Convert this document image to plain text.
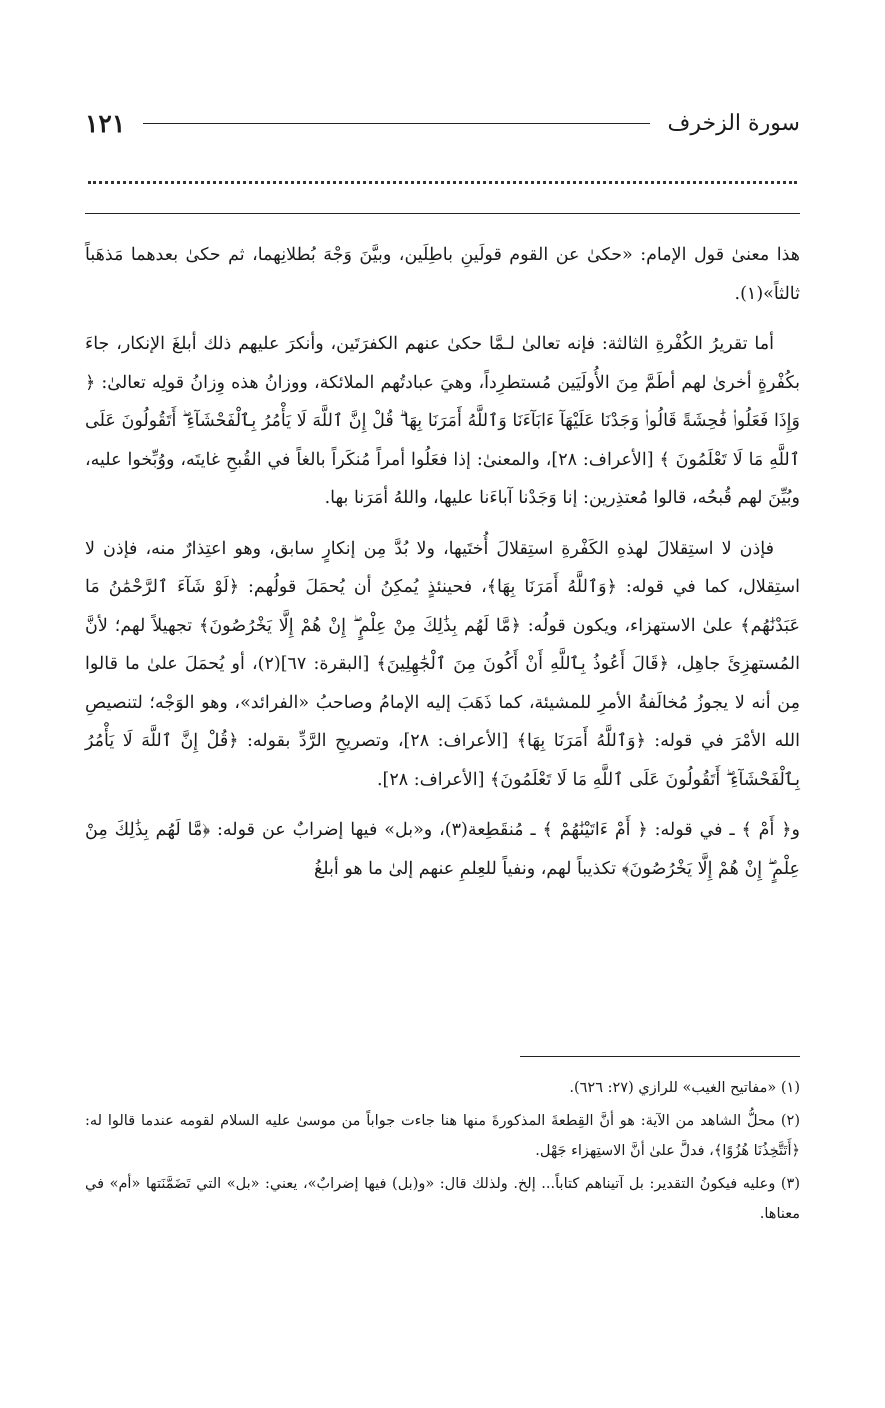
سورة الزخرف
١٢١

هذا معنىٰ قول الإمام: «حكىٰ عن القوم قولَينِ باطِلَين، وبيَّنَ وَجْهَ بُطلانِهما، ثم حكىٰ بعدهما مَذهَباً ثالثاً»(١).

أما تقريرُ الكُفْرةِ الثالثة: فإنه تعالىٰ لـمَّا حكىٰ عنهم الكفرَتَين، وأنكرَ عليهم ذلك أبلغَ الإنكار، جاءَ بكُفْرةٍ أخرىٰ لهم أطَمَّ مِنَ الأُولَيَين مُستطرِداً، وهيَ عبادتُهم الملائكة، ووزانُ هذه وِزانُ قولِه تعالىٰ: ﴿ وَإِذَا فَعَلُوا۟ فَٰحِشَةً قَالُوا۟ وَجَدْنَا عَلَيْهَآ ءَابَآءَنَا وَٱللَّهُ أَمَرَنَا بِهَا ۗ قُلْ إِنَّ ٱللَّهَ لَا يَأْمُرُ بِٱلْفَحْشَآءِ ۖ أَتَقُولُونَ عَلَى ٱللَّهِ مَا لَا تَعْلَمُونَ ﴾ [الأعراف: ٢٨]، والمعنىٰ: إذا فعَلُوا أمراً مُنكَراً بالغاً في القُبحِ غايتَه، ووُبِّخوا عليه، وبُيِّنَ لهم قُبحُه، قالوا مُعتذِرين: إنا وَجَدْنا آباءَنا عليها، واللهُ أمَرَنا بها.

فإذن لا استِقلالَ لهذهِ الكَفْرةِ استِقلالَ أُختَيها، ولا بُدَّ مِن إنكارٍ سابق، وهو اعتِذارٌ منه، فإذن لا استِقلال، كما في قوله: ﴿وَٱللَّهُ أَمَرَنَا بِهَا﴾، فحينئذٍ يُمكِنُ أن يُحمَلَ قولُهم: ﴿لَوْ شَآءَ ٱلرَّحْمَٰنُ مَا عَبَدْنَٰهُم﴾ علىٰ الاستهزاء، ويكون قولُه: ﴿مَّا لَهُم بِذَٰلِكَ مِنْ عِلْمٍ ۖ إِنْ هُمْ إِلَّا يَخْرُصُونَ﴾ تجهيلاً لهم؛ لأنَّ المُستهزِئَ جاهِل، ﴿قَالَ أَعُوذُ بِٱللَّهِ أَنْ أَكُونَ مِنَ ٱلْجَٰهِلِينَ﴾ [البقرة: ٦٧](٢)، أو يُحمَلَ علىٰ ما قالوا مِن أنه لا يجوزُ مُخالَفةُ الأمرِ للمشيئة، كما ذَهَبَ إليه الإمامُ وصاحبُ «الفرائد»، وهو الوَجْه؛ لتنصيصِ الله الأمْرَ في قوله: ﴿وَٱللَّهُ أَمَرَنَا بِهَا﴾ [الأعراف: ٢٨]، وتصريحِ الرَّدِّ بقوله: ﴿قُلْ إِنَّ ٱللَّهَ لَا يَأْمُرُ بِٱلْفَحْشَآءِ ۖ أَتَقُولُونَ عَلَى ٱللَّهِ مَا لَا تَعْلَمُونَ﴾ [الأعراف: ٢٨].

و﴿ أَمْ ﴾ ـ في قوله: ﴿ أَمْ ءَاتَيْنَٰهُمْ ﴾ ـ مُنقَطِعة(٣)، و«بل» فيها إضرابٌ عن قوله: ﴿مَّا لَهُم بِذَٰلِكَ مِنْ عِلْمٍ ۖ إِنْ هُمْ إِلَّا يَخْرُصُونَ﴾ تكذيباً لهم، ونفياً للعِلمِ عنهم إلىٰ ما هو أبلغُ

(١) «مفاتيح الغيب» للرازي (٢٧: ٦٢٦).

(٢) محلُّ الشاهد من الآية: هو أنَّ القِطعةَ المذكورةَ منها هنا جاءت جواباً من موسىٰ عليه السلام لقومه عندما قالوا له: ﴿أَتَتَّخِذُنَا هُزُوًا﴾، فدلَّ علىٰ أنَّ الاستِهزاء جَهْل.

(٣) وعليه فيكونُ التقدير: بل آتيناهم كتاباً... إلخ. ولذلك قال: «و(بل) فيها إضرابٌ»، يعني: «بل» التي تَضَمَّنَتها «أم» في معناها.
